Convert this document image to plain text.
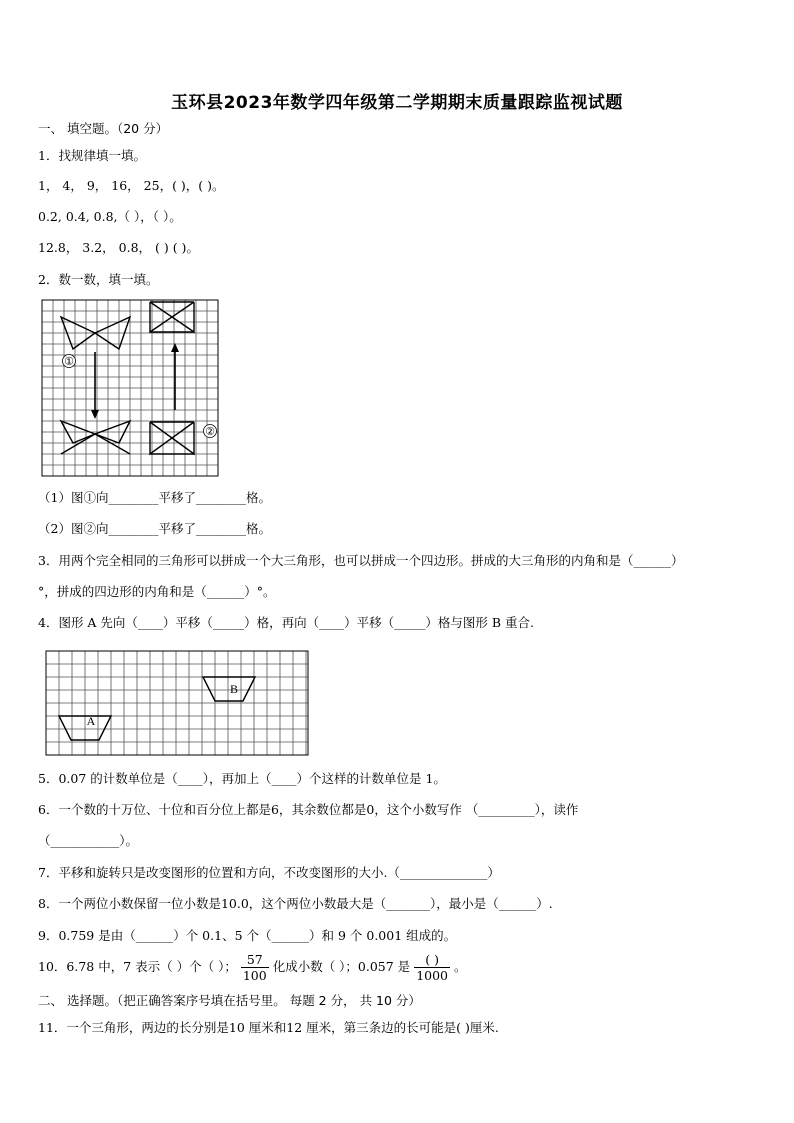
玉环县2023年数学四年级第二学期期末质量跟踪监视试题
一、 填空题。（20 分）
1．找规律填一填。
1， 4， 9， 16， 25，( )，( )。
0.2, 0.4, 0.8,（ ），（ ）。
12.8， 3.2， 0.8， ( ) ( )。
2．数一数，填一填。
①
②
（1）图①向________平移了________格。
（2）图②向________平移了________格。
3．用两个完全相同的三角形可以拼成一个大三角形，也可以拼成一个四边形。拼成的大三角形的内角和是（______）
°，拼成的四边形的内角和是（______）°。
4．图形 A 先向（____）平移（_____）格，再向（____）平移（_____）格与图形 B 重合.
B
A
5．0.07 的计数单位是（____），再加上（____）个这样的计数单位是 1。
6．一个数的十万位、十位和百分位上都是6，其余数位都是0，这个小数写作 （_________），读作
（___________）。
7．平移和旋转只是改变图形的位置和方向，不改变图形的大小.（______________）
8．一个两位小数保留一位小数是10.0，这个两位小数最大是（_______），最小是（______）.
9．0.759 是由（______）个 0.1、5 个（______）和 9 个 0.001 组成的。
10．6.78 中，7 表示（ ）个（ ）； $\frac{57}{100}$ 化成小数（ ）；0.057 是 $\frac{( )}{1000}$ 。
二、 选择题。（把正确答案序号填在括号里。 每题 2 分， 共 10 分）
11．一个三角形，两边的长分别是10 厘米和12 厘米，第三条边的长可能是( )厘米.
